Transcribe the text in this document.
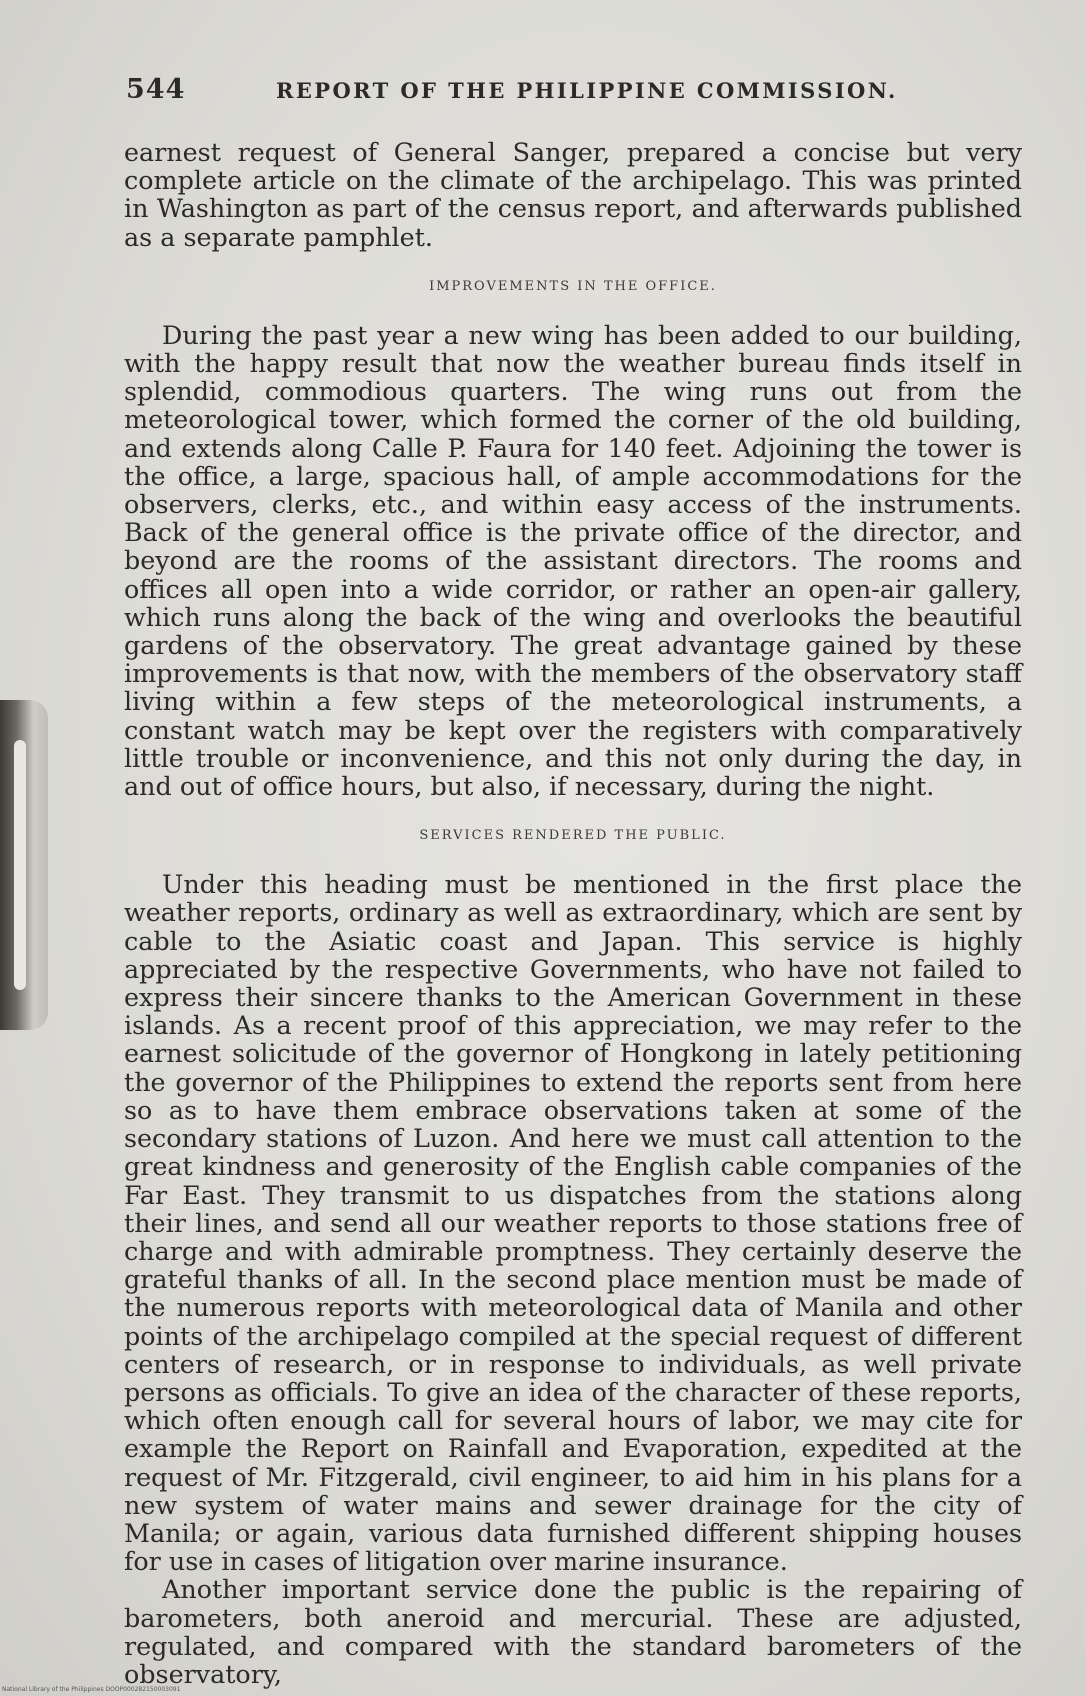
544	REPORT OF THE PHILIPPINE COMMISSION.

earnest request of General Sanger, prepared a concise but very complete article on the climate of the archipelago. This was printed in Washington as part of the census report, and afterwards published as a separate pamphlet.

IMPROVEMENTS IN THE OFFICE.

During the past year a new wing has been added to our building, with the happy result that now the weather bureau finds itself in splendid, commodious quarters. The wing runs out from the meteorological tower, which formed the corner of the old building, and extends along Calle P. Faura for 140 feet. Adjoining the tower is the office, a large, spacious hall, of ample accommodations for the observers, clerks, etc., and within easy access of the instruments. Back of the general office is the private office of the director, and beyond are the rooms of the assistant directors. The rooms and offices all open into a wide corridor, or rather an open-air gallery, which runs along the back of the wing and overlooks the beautiful gardens of the observatory. The great advantage gained by these improvements is that now, with the members of the observatory staff living within a few steps of the meteorological instruments, a constant watch may be kept over the registers with comparatively little trouble or inconvenience, and this not only during the day, in and out of office hours, but also, if necessary, during the night.

SERVICES RENDERED THE PUBLIC.

Under this heading must be mentioned in the first place the weather reports, ordinary as well as extraordinary, which are sent by cable to the Asiatic coast and Japan. This service is highly appreciated by the respective Governments, who have not failed to express their sincere thanks to the American Government in these islands. As a recent proof of this appreciation, we may refer to the earnest solicitude of the governor of Hongkong in lately petitioning the governor of the Philippines to extend the reports sent from here so as to have them embrace observations taken at some of the secondary stations of Luzon. And here we must call attention to the great kindness and generosity of the English cable companies of the Far East. They transmit to us dispatches from the stations along their lines, and send all our weather reports to those stations free of charge and with admirable promptness. They certainly deserve the grateful thanks of all. In the second place mention must be made of the numerous reports with meteorological data of Manila and other points of the archipelago compiled at the special request of different centers of research, or in response to individuals, as well private persons as officials. To give an idea of the character of these reports, which often enough call for several hours of labor, we may cite for example the Report on Rainfall and Evaporation, expedited at the request of Mr. Fitzgerald, civil engineer, to aid him in his plans for a new system of water mains and sewer drainage for the city of Manila; or again, various data furnished different shipping houses for use in cases of litigation over marine insurance.

Another important service done the public is the repairing of barometers, both aneroid and mercurial. These are adjusted, regulated, and compared with the standard barometers of the observatory,

National Library of the Philippines DOOP000282150003091
